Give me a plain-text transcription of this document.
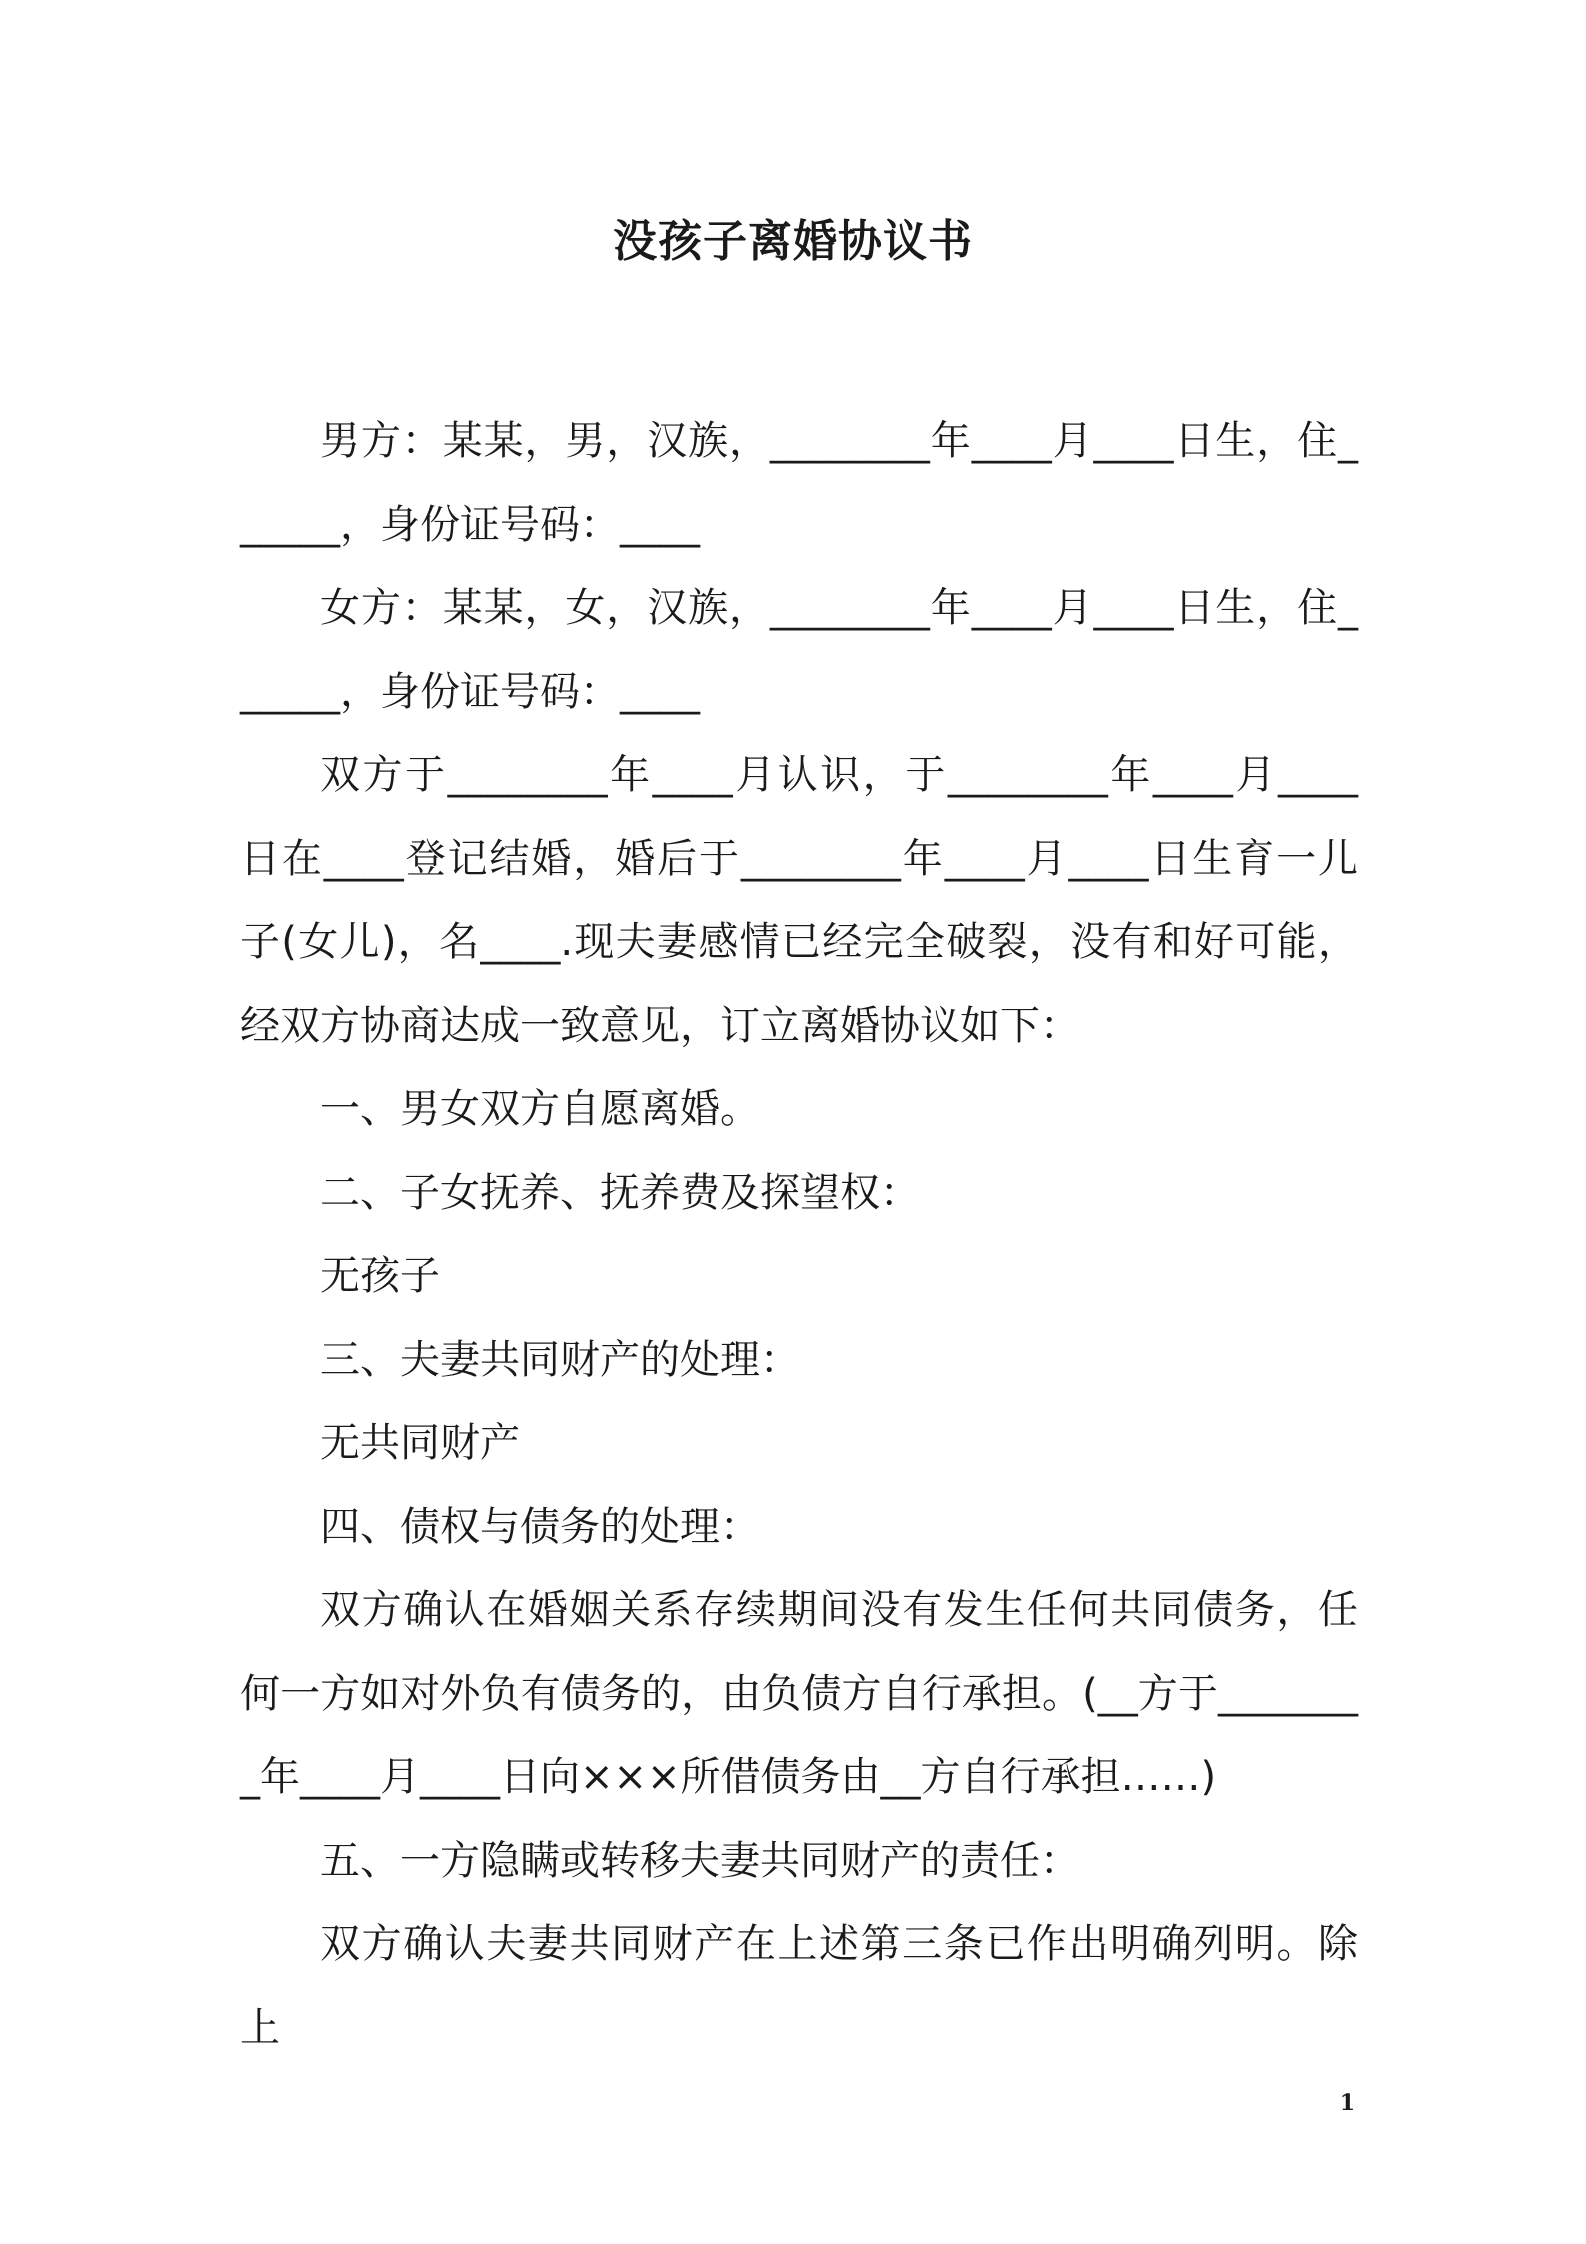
没孩子离婚协议书

男方：某某，男，汉族，________年____月____日生，住______，身份证号码：____

女方：某某，女，汉族，________年____月____日生，住______，身份证号码：____

双方于________年____月认识，于________年____月____日在____登记结婚，婚后于________年____月____日生育一儿子(女儿)，名____.现夫妻感情已经完全破裂，没有和好可能，经双方协商达成一致意见，订立离婚协议如下：

一、男女双方自愿离婚。

二、子女抚养、抚养费及探望权：

无孩子

三、夫妻共同财产的处理：

无共同财产

四、债权与债务的处理：

双方确认在婚姻关系存续期间没有发生任何共同债务，任何一方如对外负有债务的，由负债方自行承担。(__方于________年____月____日向×××所借债务由__方自行承担……)

五、一方隐瞒或转移夫妻共同财产的责任：

双方确认夫妻共同财产在上述第三条已作出明确列明。除上

1
